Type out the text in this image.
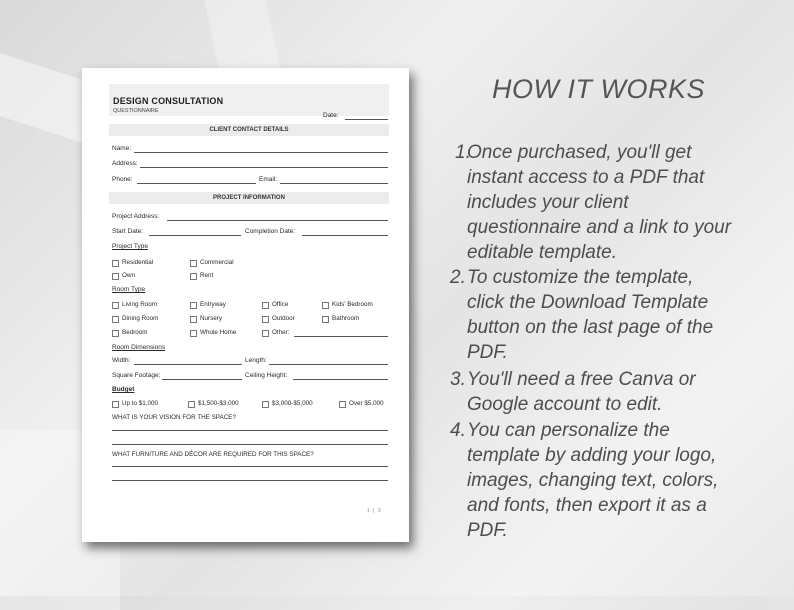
DESIGN CONSULTATION
QUESTIONNAIRE
Date:
CLIENT CONTACT DETAILS
Name:
Address:
Phone:	Email:
PROJECT INFORMATION
Project Address:
Start Date:	Completion Date:
Project Type
Residential	Commercial
Own	Rent
Room Type
Living Room	Entryway	Office	Kids' Bedroom
Dining Room	Nursery	Outdoor	Bathroom
Bedroom	Whole Home	Other:
Room Dimensions
Width:	Length:
Square Footage:	Ceiling Height:
Budget
Up to $1,000	$1,500-$3,000	$3,000-$5,000	Over $5,000
WHAT IS YOUR VISION FOR THE SPACE?
WHAT FURNITURE AND DÉCOR ARE REQUIRED FOR THIS SPACE?
1 | 3
HOW IT WORKS
1.
Once purchased, you'll get
instant access to a PDF that
includes your client
questionnaire and a link to your
editable template.
2. To customize the template,
click the Download Template
button on the last page of the
PDF.
3. You'll need a free Canva or
Google account to edit.
4. You can personalize the
template by adding your logo,
images, changing text, colors,
and fonts, then export it as a
PDF.
